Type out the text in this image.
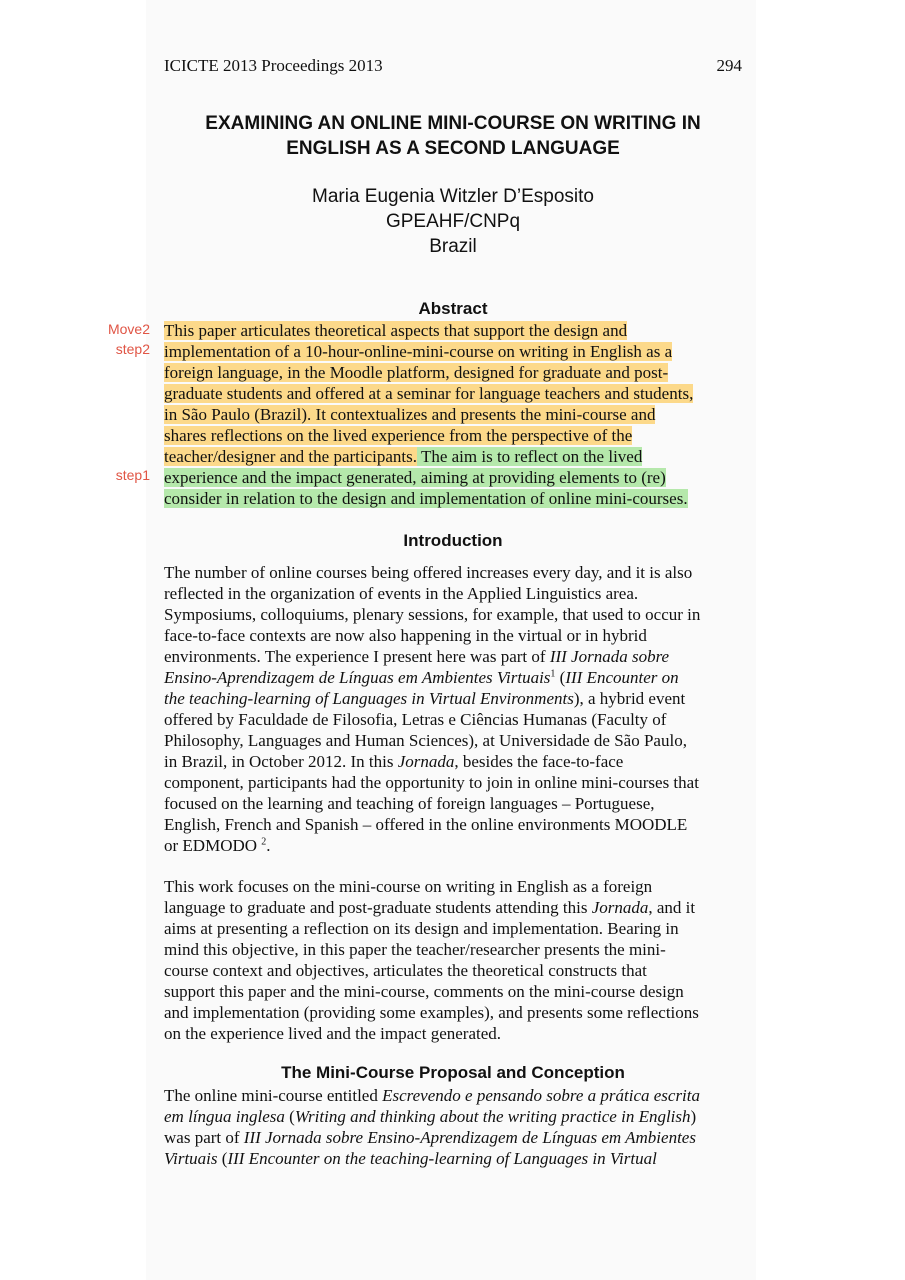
ICICTE 2013 Proceedings 2013	294
EXAMINING AN ONLINE MINI-COURSE ON WRITING IN
ENGLISH AS A SECOND LANGUAGE
Maria Eugenia Witzler D’Esposito
GPEAHF/CNPq
Brazil
Abstract
Move2
step2
step1
This paper articulates theoretical aspects that support the design and
implementation of a 10-hour-online-mini-course on writing in English as a
foreign language, in the Moodle platform, designed for graduate and post-
graduate students and offered at a seminar for language teachers and students,
in São Paulo (Brazil). It contextualizes and presents the mini-course and
shares reflections on the lived experience from the perspective of the
teacher/designer and the participants. The aim is to reflect on the lived
experience and the impact generated, aiming at providing elements to (re)
consider in relation to the design and implementation of online mini-courses.
Introduction
The number of online courses being offered increases every day, and it is also
reflected in the organization of events in the Applied Linguistics area.
Symposiums, colloquiums, plenary sessions, for example, that used to occur in
face-to-face contexts are now also happening in the virtual or in hybrid
environments. The experience I present here was part of III Jornada sobre
Ensino-Aprendizagem de Línguas em Ambientes Virtuais$^1$ (III Encounter on
the teaching-learning of Languages in Virtual Environments), a hybrid event
offered by Faculdade de Filosofia, Letras e Ciências Humanas (Faculty of
Philosophy, Languages and Human Sciences), at Universidade de São Paulo,
in Brazil, in October 2012. In this Jornada, besides the face-to-face
component, participants had the opportunity to join in online mini-courses that
focused on the learning and teaching of foreign languages – Portuguese,
English, French and Spanish – offered in the online environments MOODLE
or EDMODO $^2$.
This work focuses on the mini-course on writing in English as a foreign
language to graduate and post-graduate students attending this Jornada, and it
aims at presenting a reflection on its design and implementation. Bearing in
mind this objective, in this paper the teacher/researcher presents the mini-
course context and objectives, articulates the theoretical constructs that
support this paper and the mini-course, comments on the mini-course design
and implementation (providing some examples), and presents some reflections
on the experience lived and the impact generated.
The Mini-Course Proposal and Conception
The online mini-course entitled Escrevendo e pensando sobre a prática escrita
em língua inglesa (Writing and thinking about the writing practice in English)
was part of III Jornada sobre Ensino-Aprendizagem de Línguas em Ambientes
Virtuais (III Encounter on the teaching-learning of Languages in Virtual
